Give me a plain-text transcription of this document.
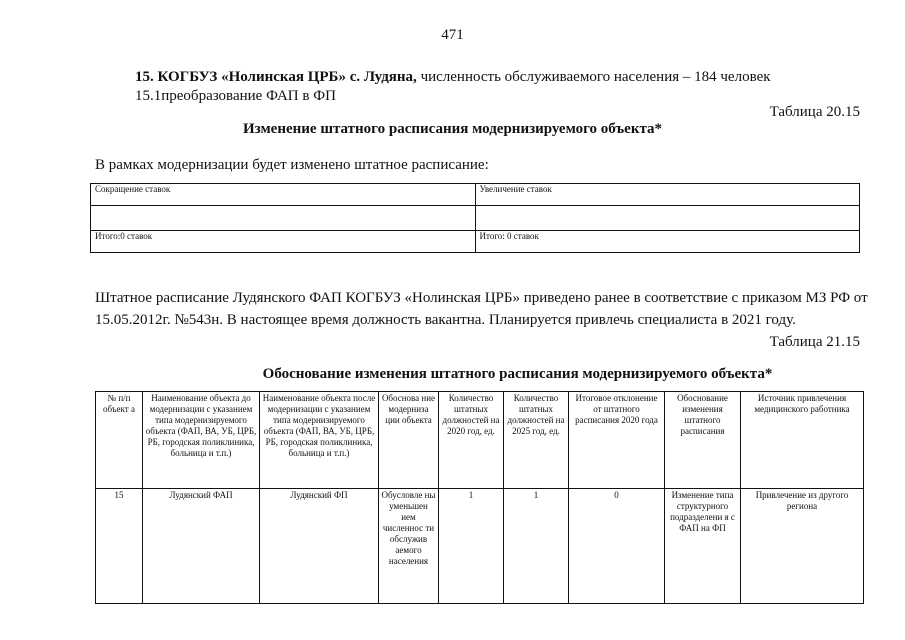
471
15. КОГБУЗ «Нолинская ЦРБ» с. Лудяна, численность обслуживаемого населения – 184 человек
15.1преобразование ФАП в ФП
Таблица 20.15
Изменение штатного расписания модернизируемого объекта*
В рамках модернизации будет изменено штатное расписание:
Сокращение ставок	Увеличение ставок

Итого:0 ставок	Итого: 0 ставок
Штатное расписание Лудянского ФАП КОГБУЗ «Нолинская ЦРБ» приведено ранее в соответствие с приказом МЗ РФ от 15.05.2012г. №543н. В настоящее время должность вакантна. Планируется привлечь специалиста в 2021 году.
Таблица 21.15
Обоснование изменения штатного расписания модернизируемого объекта*
№ п/п объект а	Наименование объекта до модернизации с указанием типа модернизируемого объекта (ФАП, ВА, УБ, ЦРБ, РБ, городская поликлиника, больница и т.п.)	Наименование объекта после модернизации с указанием типа модернизируемого объекта (ФАП, ВА, УБ, ЦРБ, РБ, городская поликлиника, больница и т.п.)	Обоснова ние модерниза ции объекта	Количество штатных должностей на 2020 год, ед.	Количество штатных должностей на 2025 год, ед.	Итоговое отклонение от штатного расписания 2020 года	Обоснование изменения штатного расписания	Источник привлечения медицинского работника
15	Лудянский ФАП	Лудянский ФП	Обусловле ны уменьшен ием численнос ти обслужив аемого населения	1	1	0	Изменение типа структурного подразделени я с ФАП на ФП	Привлечение из другого региона
